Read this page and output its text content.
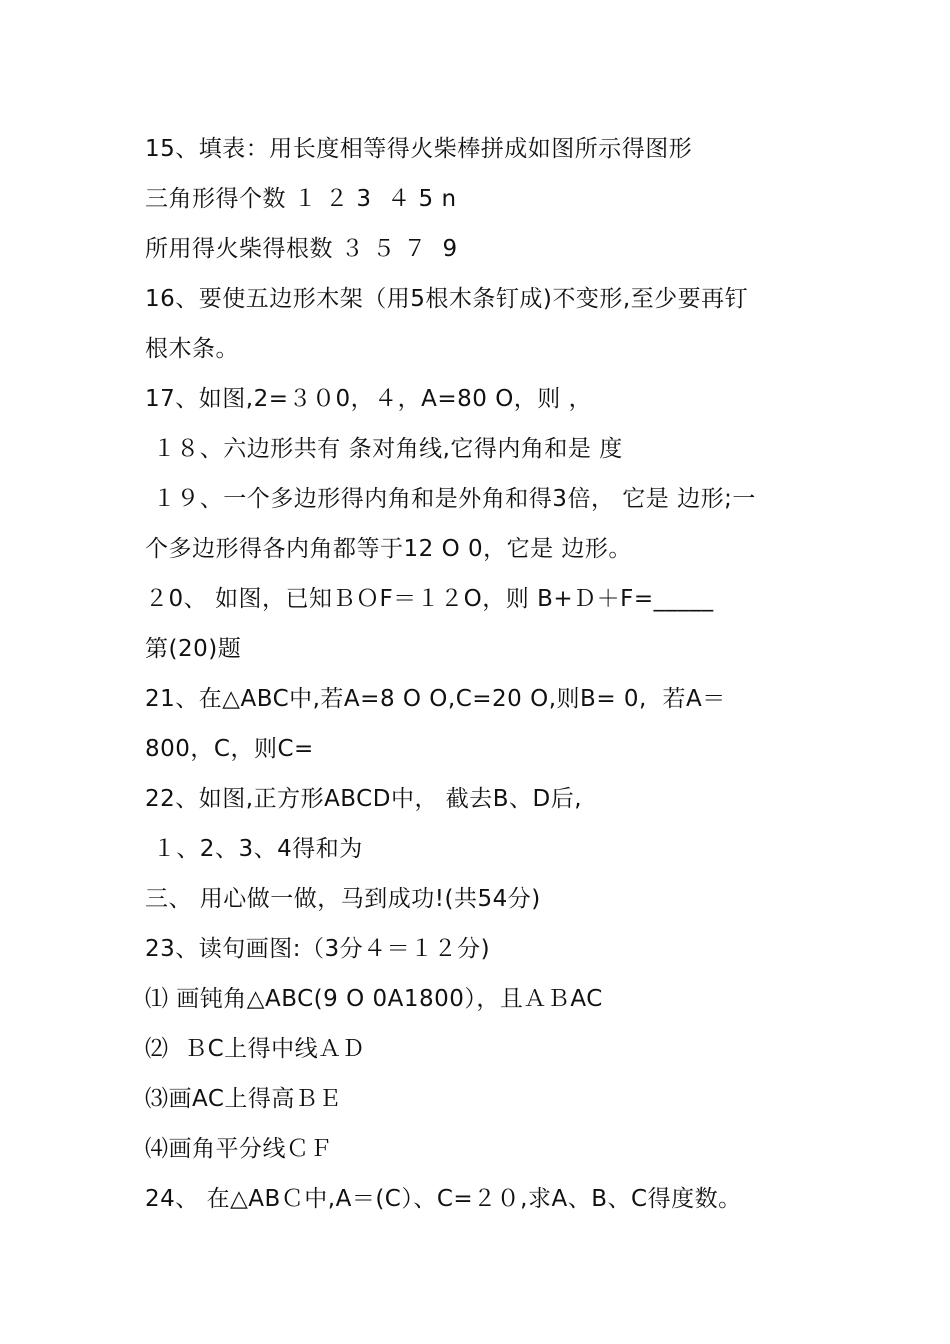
15、填表：用长度相等得火柴棒拼成如图所示得图形
三角形得个数 １ ２ 3  ４ 5 n
所用得火柴得根数 ３ ５ ７  9
16、要使五边形木架（用5根木条钉成)不变形,至少要再钉
根木条。
17、如图,2=３０0，４，A=80 O，则 ，
１８、六边形共有 条对角线,它得内角和是 度
１９、一个多边形得内角和是外角和得3倍， 它是 边形;一
个多边形得各内角都等于12 O 0，它是 边形。
２0、 如图，已知ＢＯF＝１２O，则 B+Ｄ＋F=_____
第(20)题
21、在△ABC中,若A=8 O O,C=20 O,则B= 0,  若A＝
800，C，则C=
22、如图,正方形ABCD中， 截去B、D后,
１、2、3、4得和为
三、 用心做一做，马到成功!(共54分)
23、读句画图:（3分４＝１２分)
⑴ 画钝角△ABC(9 O 0A1800），且ＡＢAC
⑵  ＢC上得中线ＡＤ
⑶画AC上得高ＢＥ
⑷画角平分线ＣＦ
24、 在△ABＣ中,A＝(C）、C=２０,求A、B、C得度数。
